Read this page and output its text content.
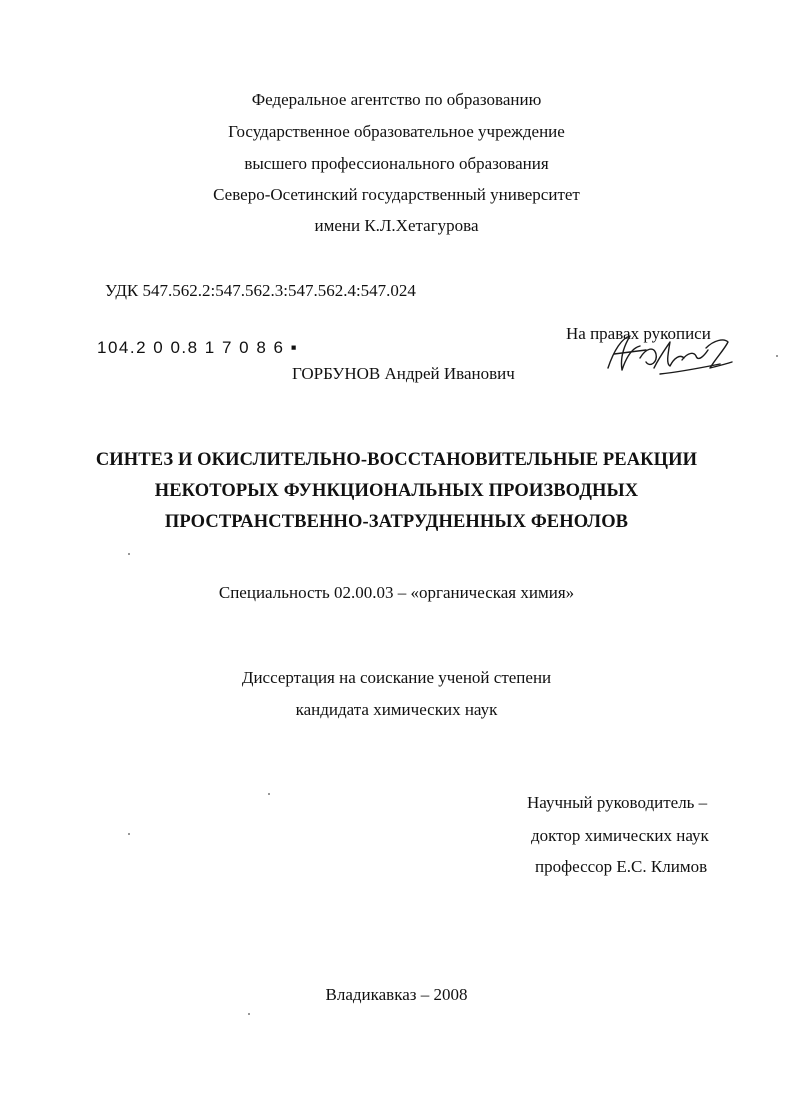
Федеральное агентство по образованию
Государственное образовательное учреждение
высшего профессионального образования
Северо-Осетинский государственный университет
имени К.Л.Хетагурова
УДК 547.562.2:547.562.3:547.562.4:547.024
104.2 0 0.8 1 7 0 8 6 ▪
На правах рукописи
ГОРБУНОВ Андрей Иванович
СИНТЕЗ И ОКИСЛИТЕЛЬНО-ВОССТАНОВИТЕЛЬНЫЕ РЕАКЦИИ
НЕКОТОРЫХ ФУНКЦИОНАЛЬНЫХ ПРОИЗВОДНЫХ
ПРОСТРАНСТВЕННО-ЗАТРУДНЕННЫХ ФЕНОЛОВ
Специальность 02.00.03 – «органическая химия»
Диссертация на соискание ученой степени
кандидата химических наук
Научный руководитель –
доктор химических наук
профессор Е.С. Климов
Владикавказ – 2008
